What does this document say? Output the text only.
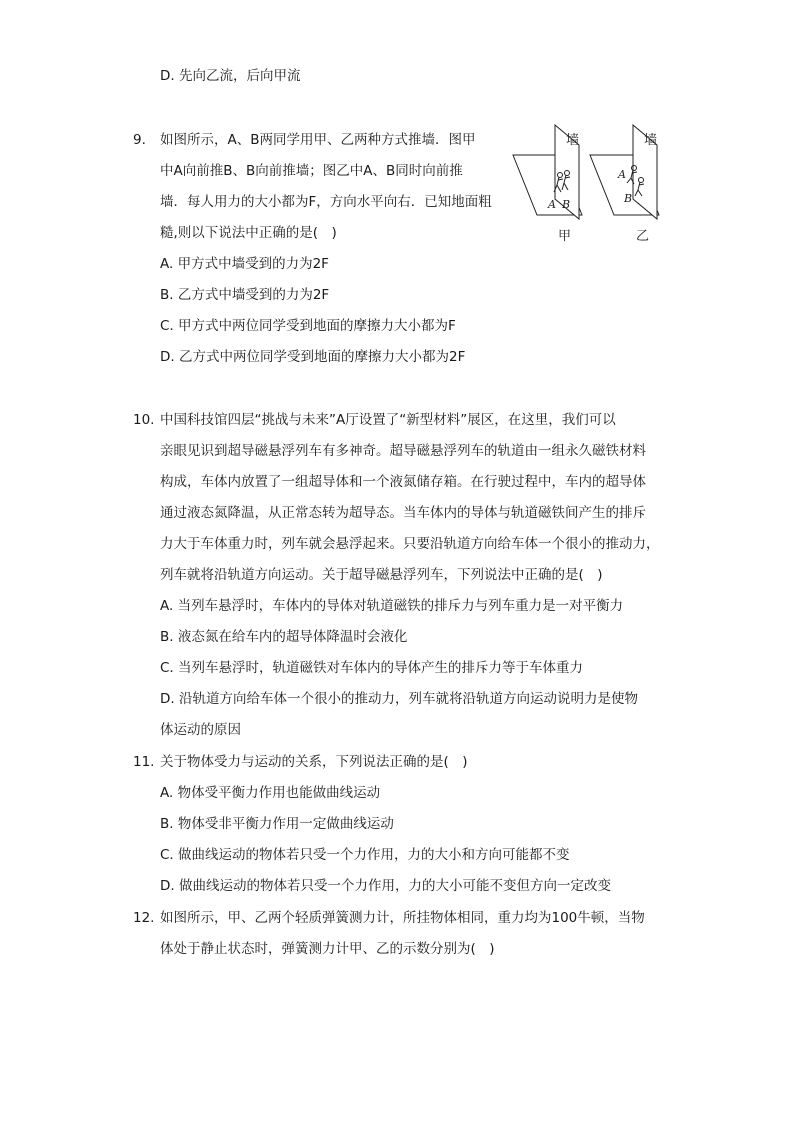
D. 先向乙流，后向甲流
9. 如图所示，A、B两同学用甲、乙两种方式推墙．图甲
中A向前推B、B向前推墙；图乙中A、B同时向前推
墙．每人用力的大小都为F，方向水平向右．已知地面粗
糙,则以下说法中正确的是(　)
A. 甲方式中墙受到的力为2F
B. 乙方式中墙受到的力为2F
C. 甲方式中两位同学受到地面的摩擦力大小都为F
D. 乙方式中两位同学受到地面的摩擦力大小都为2F
墙
A B
甲
墙
A
B
乙
10. 中国科技馆四层“挑战与未来”A厅设置了“新型材料”展区，在这里，我们可以
亲眼见识到超导磁悬浮列车有多神奇。超导磁悬浮列车的轨道由一组永久磁铁材料
构成，车体内放置了一组超导体和一个液氮储存箱。在行驶过程中，车内的超导体
通过液态氮降温，从正常态转为超导态。当车体内的导体与轨道磁铁间产生的排斥
力大于车体重力时，列车就会悬浮起来。只要沿轨道方向给车体一个很小的推动力，
列车就将沿轨道方向运动。关于超导磁悬浮列车，下列说法中正确的是(　)
A. 当列车悬浮时，车体内的导体对轨道磁铁的排斥力与列车重力是一对平衡力
B. 液态氮在给车内的超导体降温时会液化
C. 当列车悬浮时，轨道磁铁对车体内的导体产生的排斥力等于车体重力
D. 沿轨道方向给车体一个很小的推动力，列车就将沿轨道方向运动说明力是使物
体运动的原因
11. 关于物体受力与运动的关系，下列说法正确的是(　)
A. 物体受平衡力作用也能做曲线运动
B. 物体受非平衡力作用一定做曲线运动
C. 做曲线运动的物体若只受一个力作用，力的大小和方向可能都不变
D. 做曲线运动的物体若只受一个力作用，力的大小可能不变但方向一定改变
12. 如图所示，甲、乙两个轻质弹簧测力计，所挂物体相同，重力均为100牛顿，当物
体处于静止状态时，弹簧测力计甲、乙的示数分别为(　)
